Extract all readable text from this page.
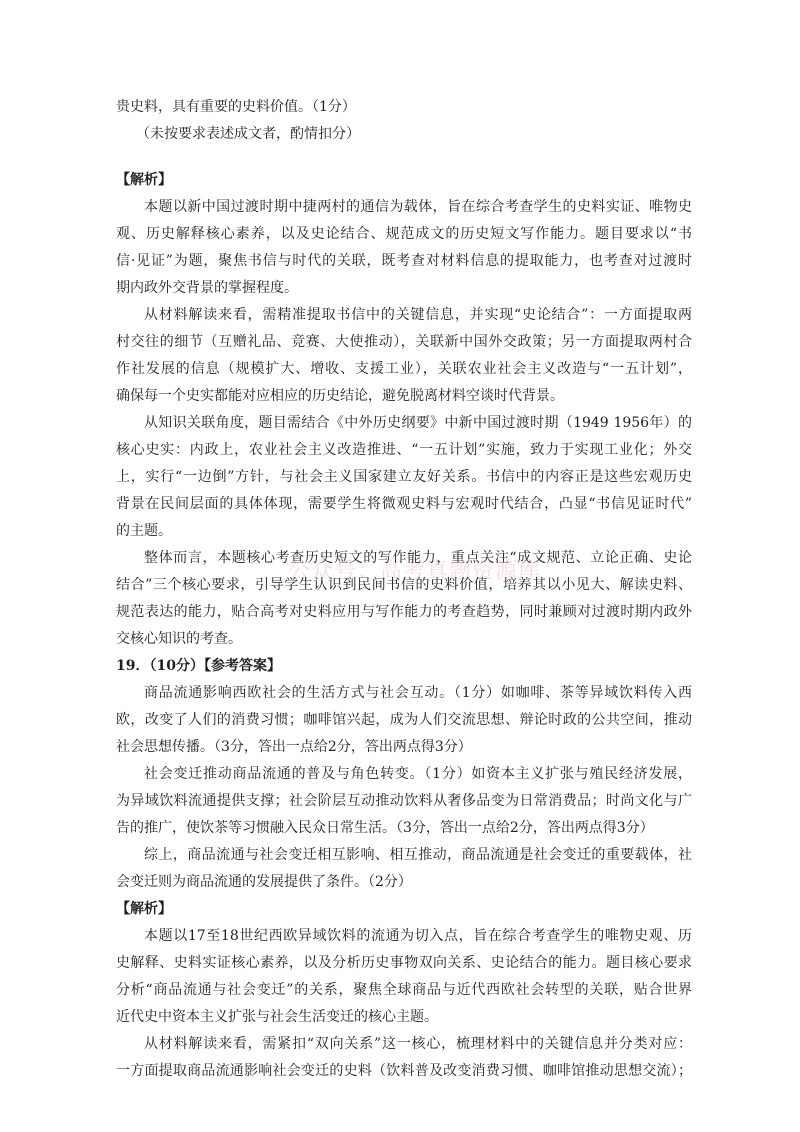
公众号：高考真题资源库
贵史料，具有重要的史料价值。（1分）
（未按要求表述成文者，酌情扣分）
【解析】
本题以新中国过渡时期中捷两村的通信为载体，旨在综合考查学生的史料实证、唯物史
观、历史解释核心素养，以及史论结合、规范成文的历史短文写作能力。题目要求以“书
信·见证”为题，聚焦书信与时代的关联，既考查对材料信息的提取能力，也考查对过渡时
期内政外交背景的掌握程度。
从材料解读来看，需精准提取书信中的关键信息，并实现“史论结合”：一方面提取两
村交往的细节（互赠礼品、竞赛、大使推动），关联新中国外交政策；另一方面提取两村合
作社发展的信息（规模扩大、增收、支援工业），关联农业社会主义改造与“一五计划”，
确保每一个史实都能对应相应的历史结论，避免脱离材料空谈时代背景。
从知识关联角度，题目需结合《中外历史纲要》中新中国过渡时期（1949 1956年）的
核心史实：内政上，农业社会主义改造推进、“一五计划”实施，致力于实现工业化；外交
上，实行“一边倒”方针，与社会主义国家建立友好关系。书信中的内容正是这些宏观历史
背景在民间层面的具体体现，需要学生将微观史料与宏观时代结合，凸显“书信见证时代”
的主题。
整体而言，本题核心考查历史短文的写作能力，重点关注“成文规范、立论正确、史论
结合”三个核心要求，引导学生认识到民间书信的史料价值，培养其以小见大、解读史料、
规范表达的能力，贴合高考对史料应用与写作能力的考查趋势，同时兼顾对过渡时期内政外
交核心知识的考查。
19．（10分）【参考答案】
商品流通影响西欧社会的生活方式与社会互动。（1分）如咖啡、茶等异域饮料传入西
欧，改变了人们的消费习惯；咖啡馆兴起，成为人们交流思想、辩论时政的公共空间，推动
社会思想传播。（3分，答出一点给2分，答出两点得3分）
社会变迁推动商品流通的普及与角色转变。（1分）如资本主义扩张与殖民经济发展，
为异域饮料流通提供支撑；社会阶层互动推动饮料从奢侈品变为日常消费品；时尚文化与广
告的推广，使饮茶等习惯融入民众日常生活。（3分，答出一点给2分，答出两点得3分）
综上，商品流通与社会变迁相互影响、相互推动，商品流通是社会变迁的重要载体，社
会变迁则为商品流通的发展提供了条件。（2分）
【解析】
本题以17至18世纪西欧异域饮料的流通为切入点，旨在综合考查学生的唯物史观、历
史解释、史料实证核心素养，以及分析历史事物双向关系、史论结合的能力。题目核心要求
分析“商品流通与社会变迁”的关系，聚焦全球商品与近代西欧社会转型的关联，贴合世界
近代史中资本主义扩张与社会生活变迁的核心主题。
从材料解读来看，需紧扣“双向关系”这一核心，梳理材料中的关键信息并分类对应：
一方面提取商品流通影响社会变迁的史料（饮料普及改变消费习惯、咖啡馆推动思想交流）；
